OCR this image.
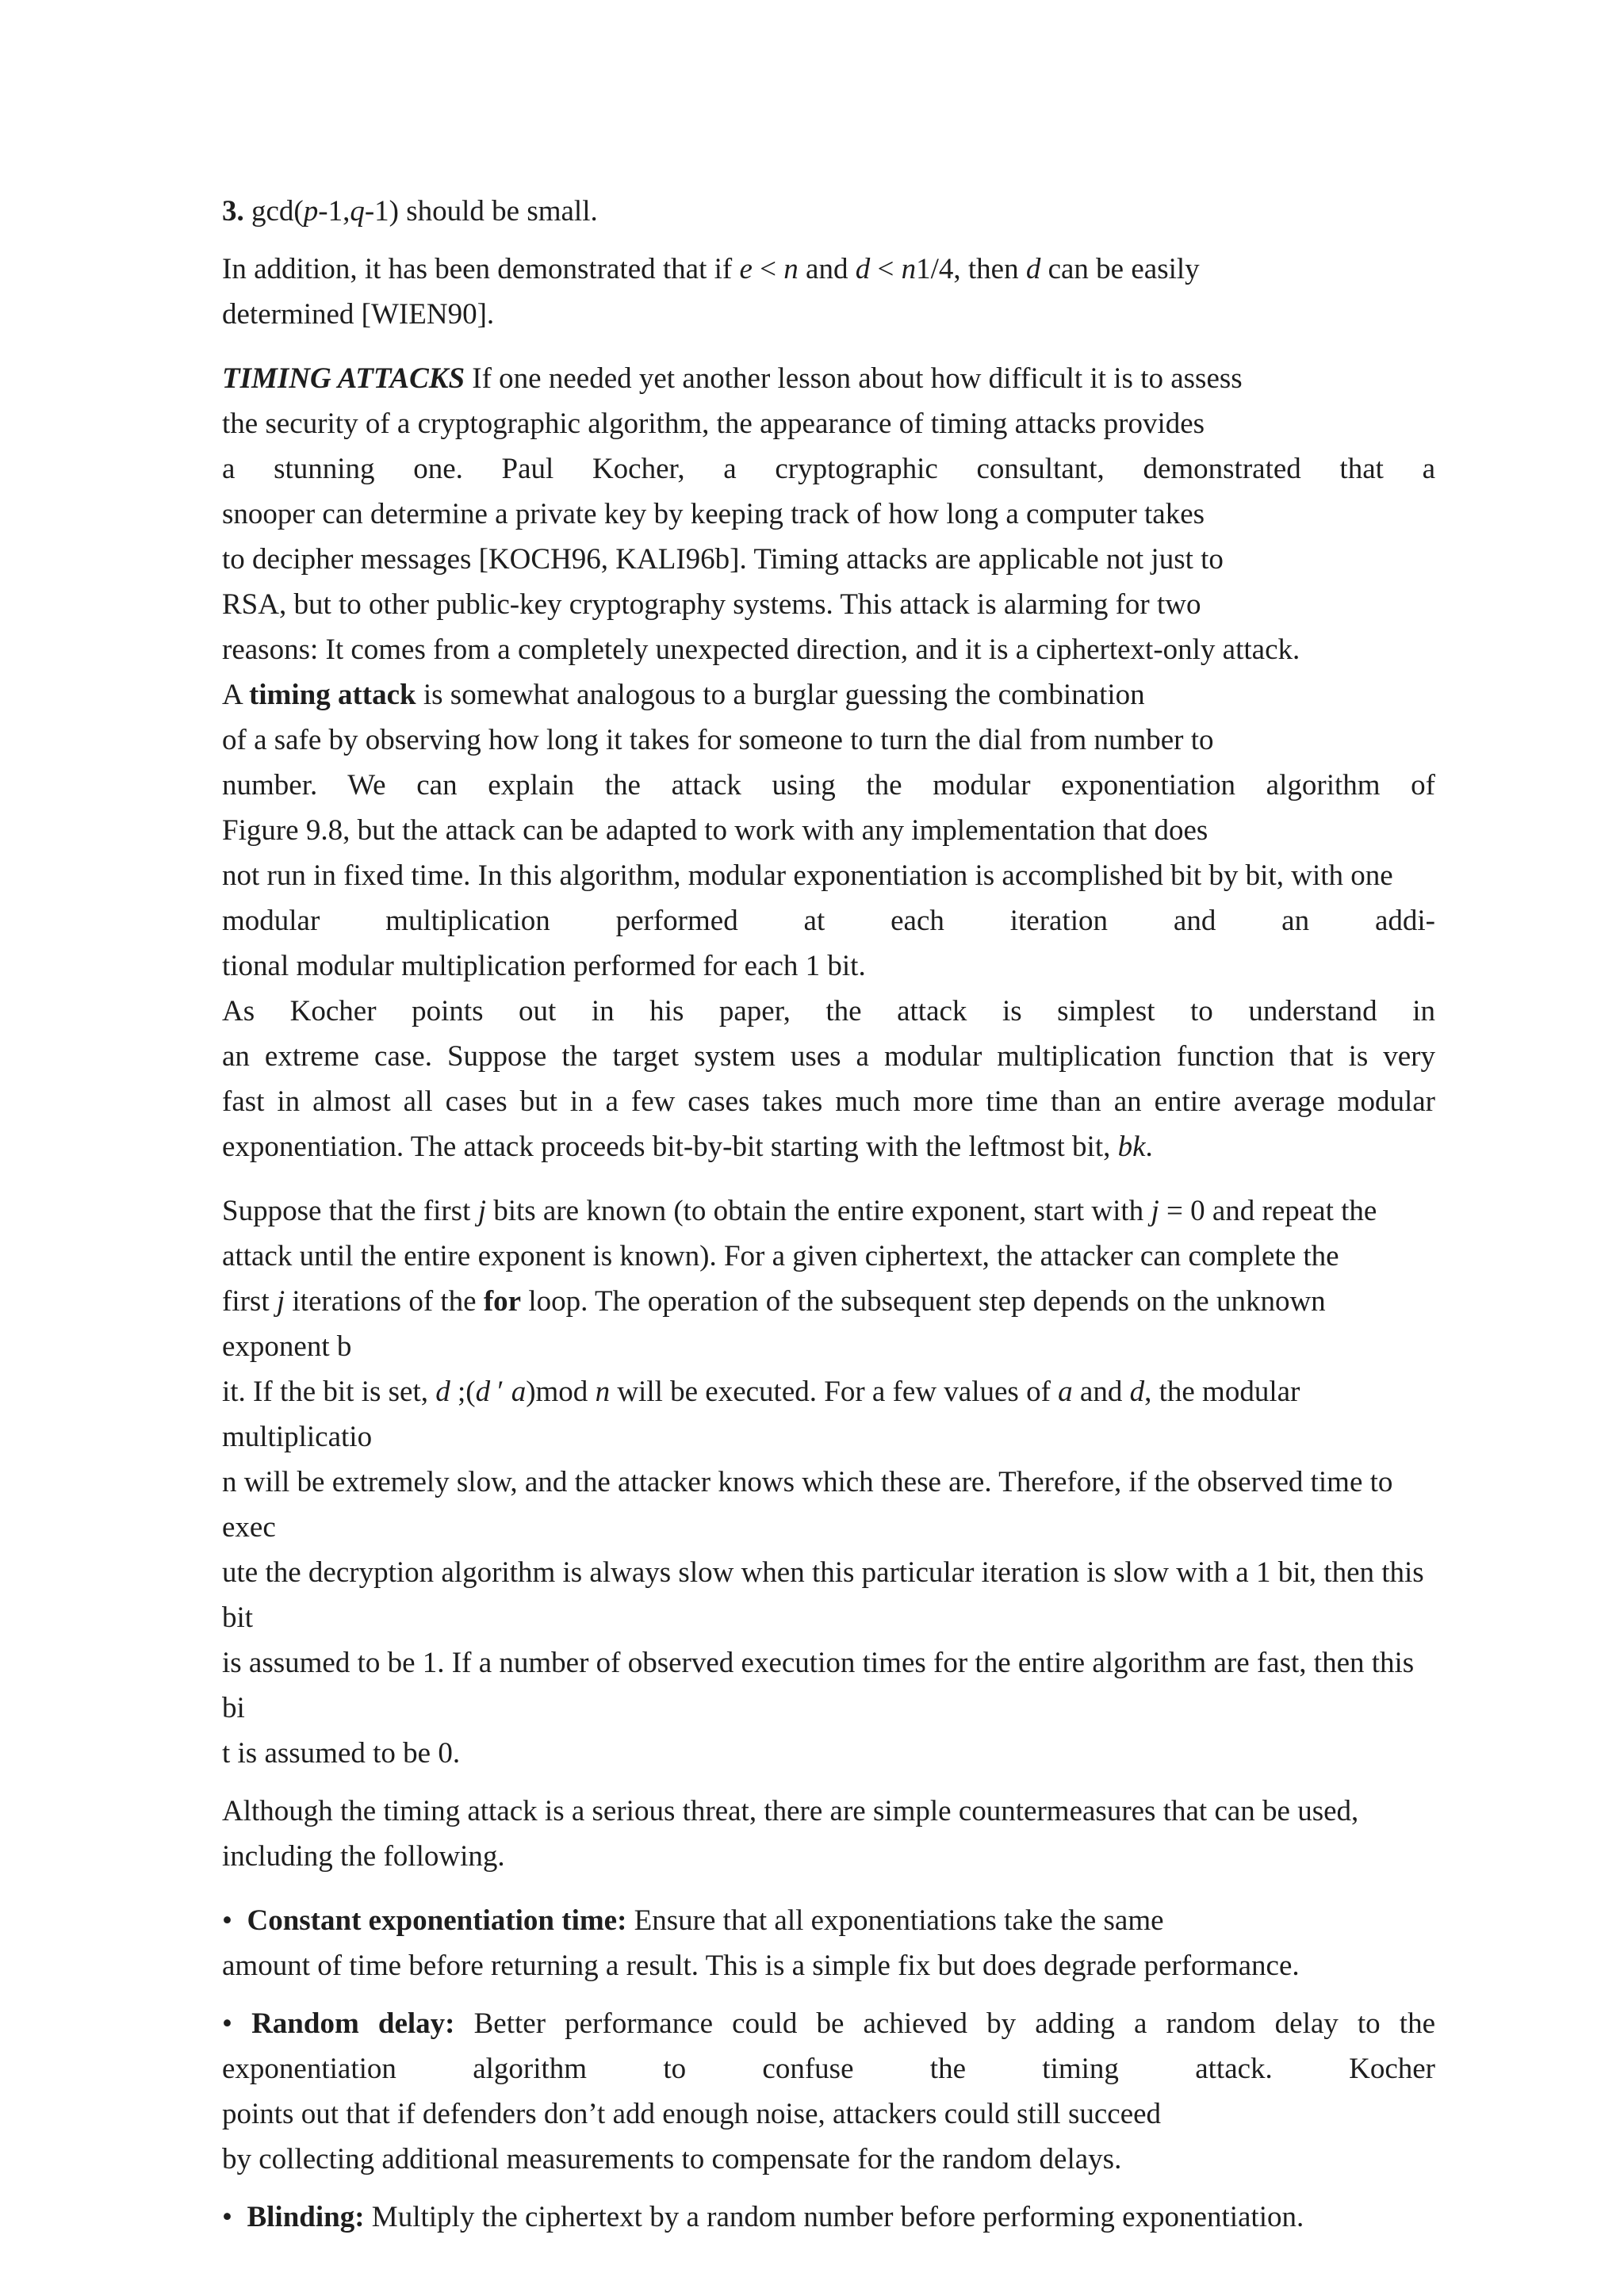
3. gcd(p-1,q-1) should be small.

In addition, it has been demonstrated that if e < n and d < n1/4, then d can be easily
determined [WIEN90].

TIMING ATTACKS If one needed yet another lesson about how difficult it is to assess

the security of a cryptographic algorithm, the appearance of timing attacks provides

a stunning one. Paul Kocher, a cryptographic consultant, demonstrated that a

snooper can determine a private key by keeping track of how long a computer takes

to decipher messages [KOCH96, KALI96b]. Timing attacks are applicable not just to

RSA, but to other public-key cryptography systems. This attack is alarming for two

reasons: It comes from a completely unexpected direction, and it is a ciphertext-only attack.

A timing attack is somewhat analogous to a burglar guessing the combination

of a safe by observing how long it takes for someone to turn the dial from number to

number. We can explain the attack using the modular exponentiation algorithm of

Figure 9.8, but the attack can be adapted to work with any implementation that does

not run in fixed time. In this algorithm, modular exponentiation is accomplished bit by bit, with one

modular multiplication performed at each iteration and an addi-

tional modular multiplication performed for each 1 bit.

As Kocher points out in his paper, the attack is simplest to understand in

an extreme case. Suppose the target system uses a modular multiplication function that is very

fast in almost all cases but in a few cases takes much more time than an entire average modular

exponentiation. The attack proceeds bit-by-bit starting with the leftmost bit, bk.

Suppose that the first j bits are known (to obtain the entire exponent, start with j = 0 and repeat the

attack until the entire exponent is known). For a given ciphertext, the attacker can complete the

first j iterations of the for loop. The operation of the subsequent step depends on the unknown exponent b

it. If the bit is set, d ;(d ′ a)mod n will be executed. For a few values of a and d, the modular multiplicatio

n will be extremely slow, and the attacker knows which these are. Therefore, if the observed time to exec

ute the decryption algorithm is always slow when this particular iteration is slow with a 1 bit, then this bit

is assumed to be 1. If a number of observed execution times for the entire algorithm are fast, then this bi

t is assumed to be 0.

Although the timing attack is a serious threat, there are simple countermeasures that can be used,

including the following.

• Constant exponentiation time: Ensure that all exponentiations take the same

amount of time before returning a result. This is a simple fix but does degrade performance.

• Random delay: Better performance could be achieved by adding a random delay to the

exponentiation algorithm to confuse the timing attack. Kocher

points out that if defenders don’t add enough noise, attackers could still succeed

by collecting additional measurements to compensate for the random delays.

• Blinding: Multiply the ciphertext by a random number before performing exponentiation.
